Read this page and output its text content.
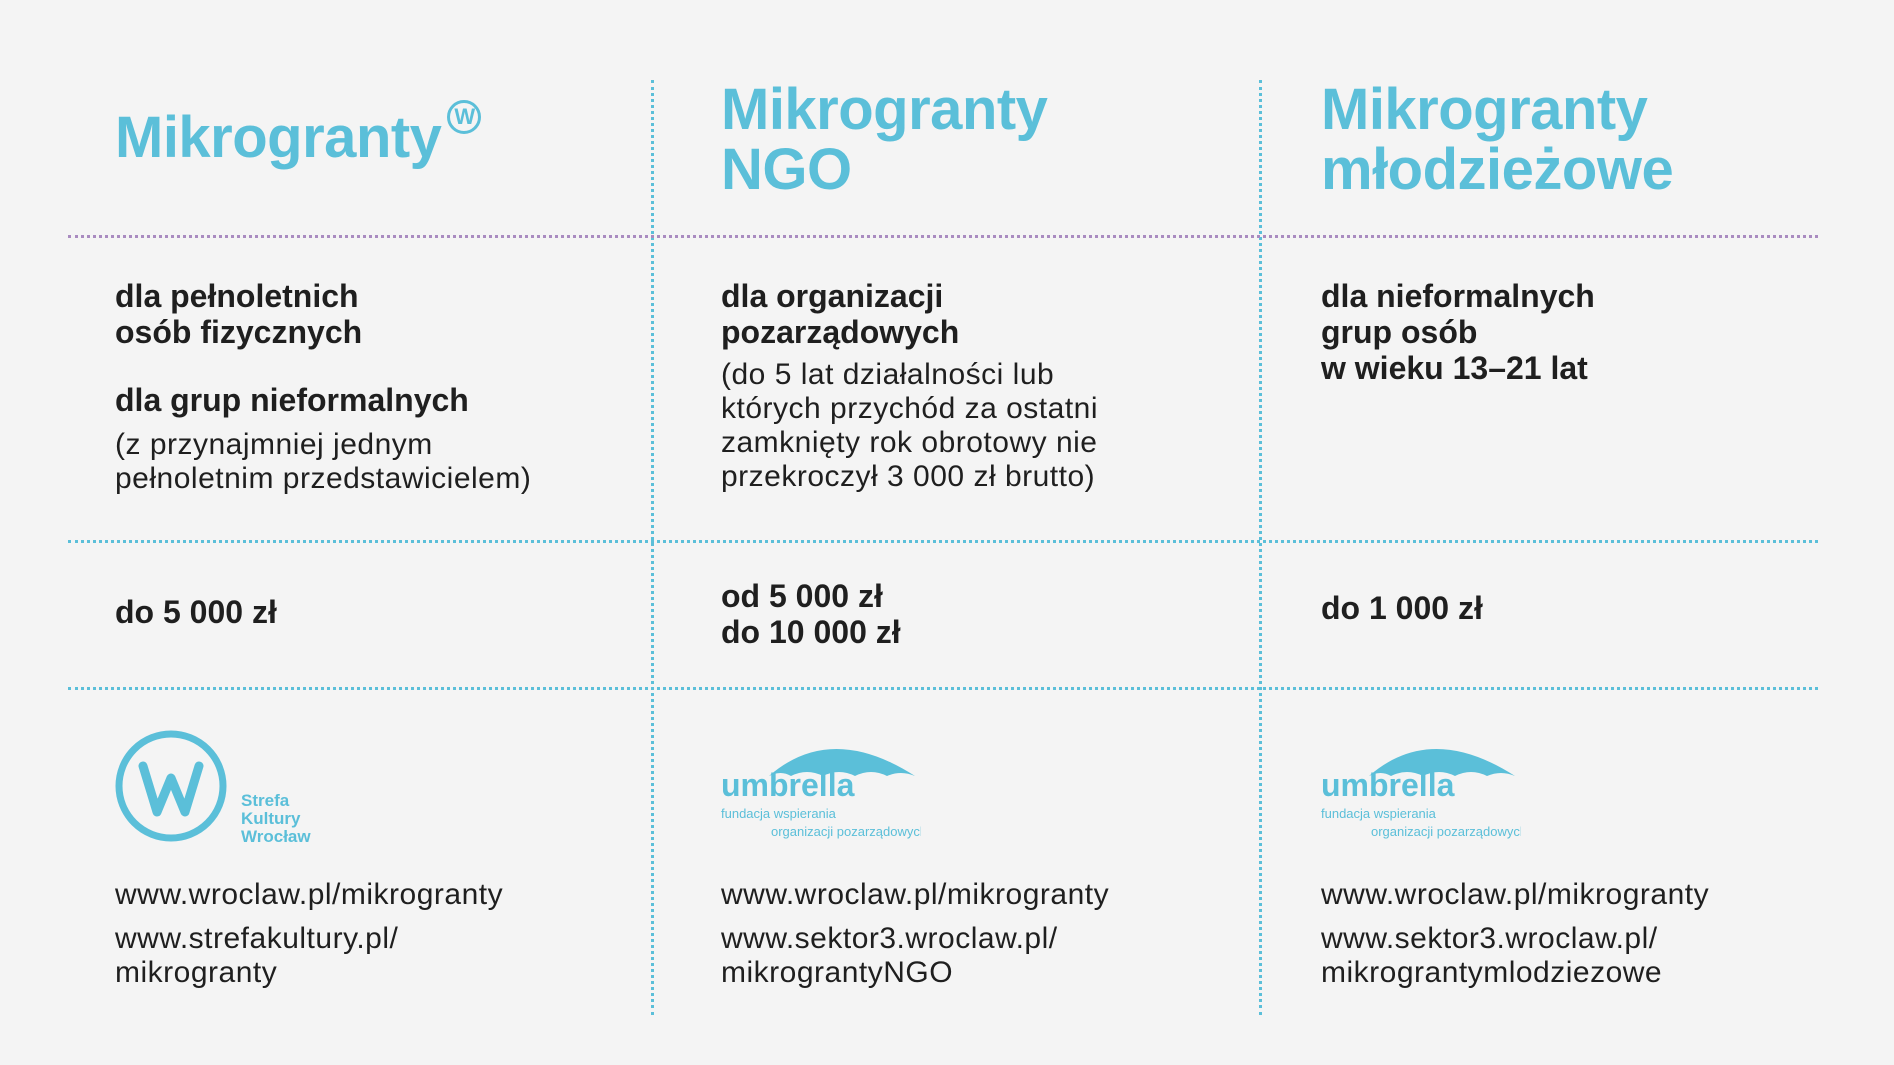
Mikrogranty W
dla pełnoletnich
osób fizycznych
dla grup nieformalnych
(z przynajmniej jednym
pełnoletnim przedstawicielem)
do 5 000 zł
Strefa
Kultury
Wrocław
www.wroclaw.pl/mikrogranty
www.strefakultury.pl/
mikrogranty
Mikrogranty
NGO
dla organizacji
pozarządowych
(do 5 lat działalności lub
których przychód za ostatni
zamknięty rok obrotowy nie
przekroczył 3 000 zł brutto)
od 5 000 zł
do 10 000 zł
umbrella
fundacja wspierania
organizacji pozarządowych
www.wroclaw.pl/mikrogranty
www.sektor3.wroclaw.pl/
mikrograntyNGO
Mikrogranty
młodzieżowe
dla nieformalnych
grup osób
w wieku 13–21 lat
do 1 000 zł
umbrella
fundacja wspierania
organizacji pozarządowych
www.wroclaw.pl/mikrogranty
www.sektor3.wroclaw.pl/
mikrograntymlodziezowe
